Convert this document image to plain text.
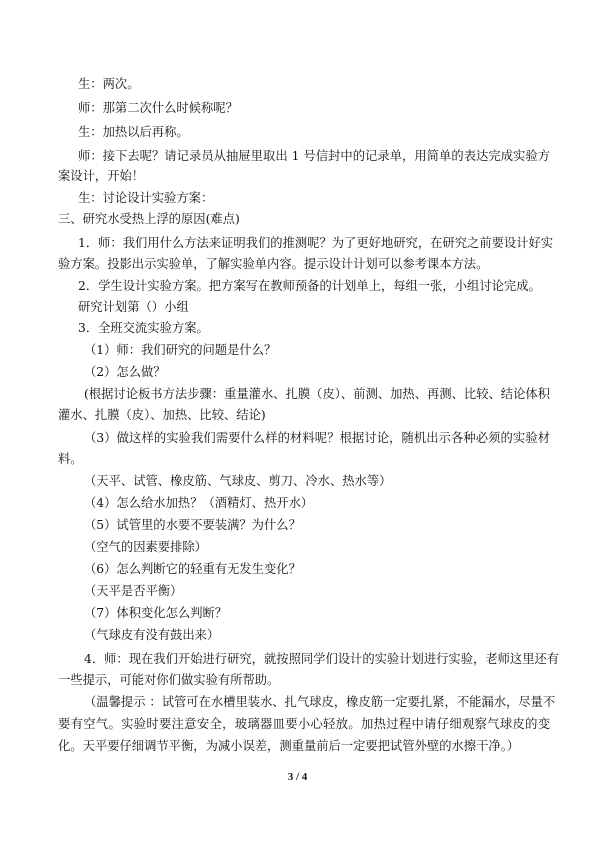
生：两次。
师：那第二次什么时候称呢？
生：加热以后再称。
师：接下去呢？请记录员从抽屉里取出 1 号信封中的记录单，用简单的表达完成实验方
案设计，开始！
生：讨论设计实验方案：
三、研究水受热上浮的原因(难点)
1．师：我们用什么方法来证明我们的推测呢？为了更好地研究，在研究之前要设计好实
验方案。投影出示实验单，了解实验单内容。提示设计计划可以参考课本方法。
2．学生设计实验方案。把方案写在教师预备的计划单上，每组一张，小组讨论完成。
研究计划第（）小组
3．全班交流实验方案。
（1）师：我们研究的问题是什么？
（2）怎么做？
(根据讨论板书方法步骤：重量灌水、扎膜（皮）、前测、加热、再测、比较、结论体积
灌水、扎膜（皮）、加热、比较、结论)
（3）做这样的实验我们需要什么样的材料呢？根据讨论，随机出示各种必须的实验材
料。
（天平、试管、橡皮筋、气球皮、剪刀、冷水、热水等）
（4）怎么给水加热？（酒精灯、热开水）
（5）试管里的水要不要装满？为什么？
（空气的因素要排除）
（6）怎么判断它的轻重有无发生变化？
（天平是否平衡）
（7）体积变化怎么判断？
（气球皮有没有鼓出来）
4．师：现在我们开始进行研究，就按照同学们设计的实验计划进行实验，老师这里还有
一些提示，可能对你们做实验有所帮助。
（温馨提示 ：试管可在水槽里装水、扎气球皮，橡皮筋一定要扎紧，不能漏水，尽量不
要有空气。实验时要注意安全，玻璃器皿要小心轻放。加热过程中请仔细观察气球皮的变
化。天平要仔细调节平衡，为减小误差，测重量前后一定要把试管外壁的水擦干净。）
3 / 4
